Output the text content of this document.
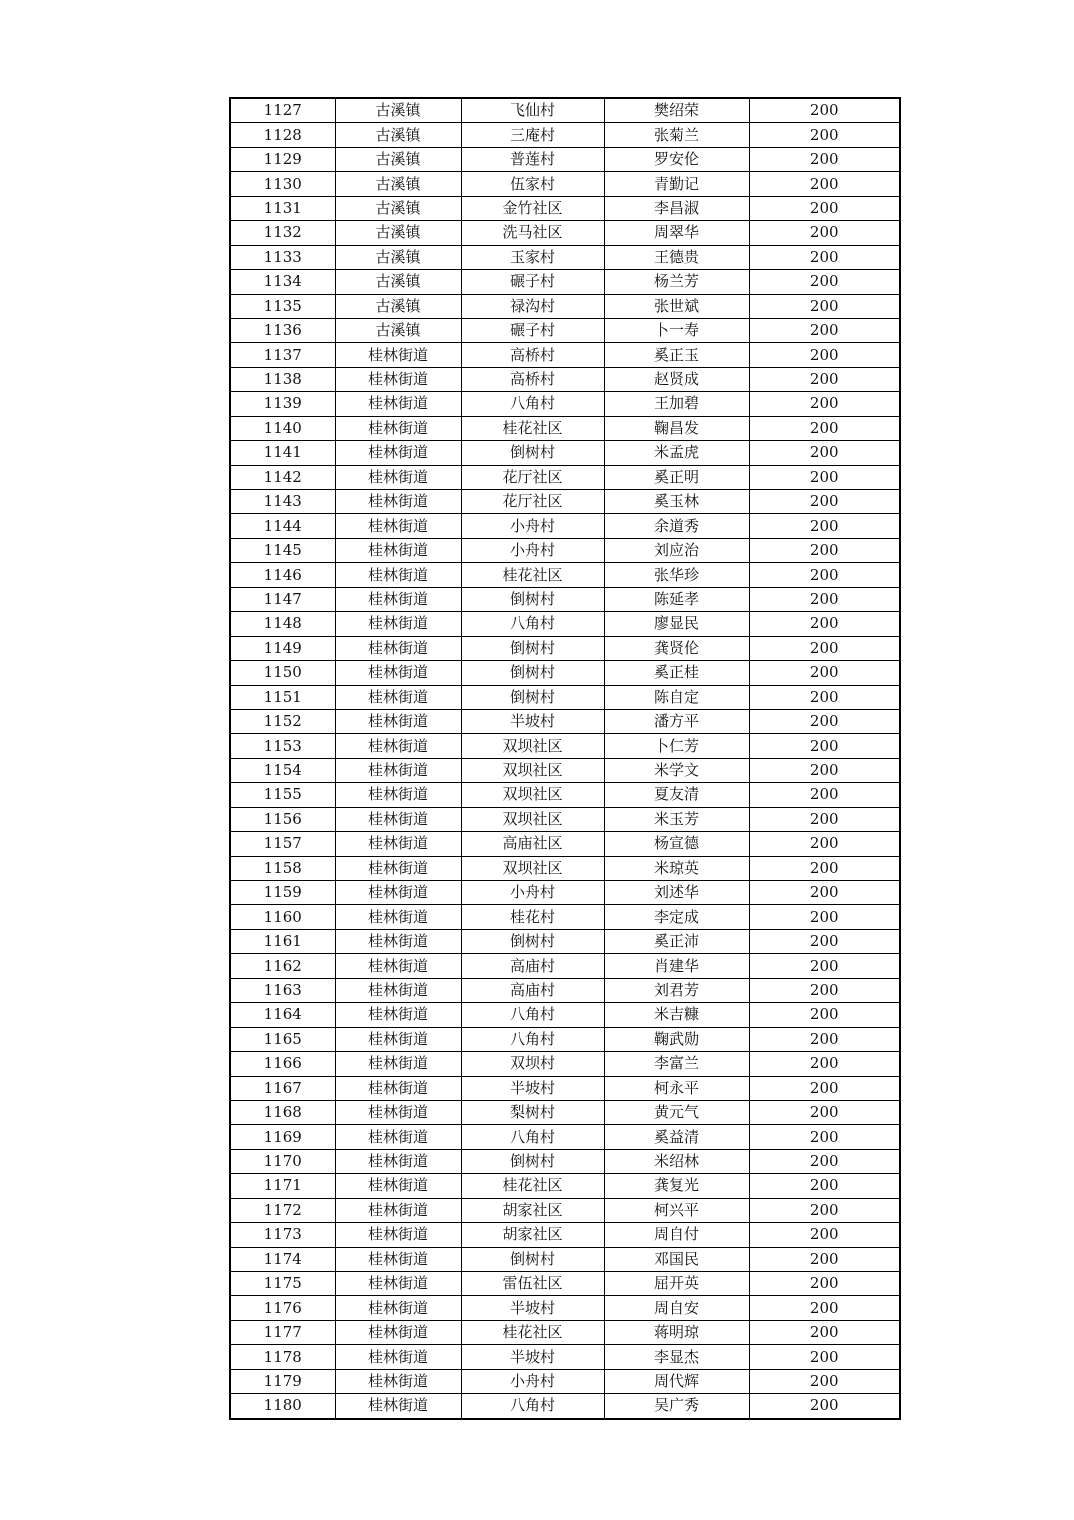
1127	古溪镇	飞仙村	樊绍荣	200
1128	古溪镇	三庵村	张菊兰	200
1129	古溪镇	普莲村	罗安伦	200
1130	古溪镇	伍家村	青勤记	200
1131	古溪镇	金竹社区	李昌淑	200
1132	古溪镇	洗马社区	周翠华	200
1133	古溪镇	玉家村	王德贵	200
1134	古溪镇	碾子村	杨兰芳	200
1135	古溪镇	禄沟村	张世斌	200
1136	古溪镇	碾子村	卜一寿	200
1137	桂林街道	高桥村	奚正玉	200
1138	桂林街道	高桥村	赵贤成	200
1139	桂林街道	八角村	王加碧	200
1140	桂林街道	桂花社区	鞠昌发	200
1141	桂林街道	倒树村	米孟虎	200
1142	桂林街道	花厅社区	奚正明	200
1143	桂林街道	花厅社区	奚玉林	200
1144	桂林街道	小舟村	余道秀	200
1145	桂林街道	小舟村	刘应治	200
1146	桂林街道	桂花社区	张华珍	200
1147	桂林街道	倒树村	陈延孝	200
1148	桂林街道	八角村	廖显民	200
1149	桂林街道	倒树村	龚贤伦	200
1150	桂林街道	倒树村	奚正桂	200
1151	桂林街道	倒树村	陈自定	200
1152	桂林街道	半坡村	潘方平	200
1153	桂林街道	双坝社区	卜仁芳	200
1154	桂林街道	双坝社区	米学文	200
1155	桂林街道	双坝社区	夏友清	200
1156	桂林街道	双坝社区	米玉芳	200
1157	桂林街道	高庙社区	杨宣德	200
1158	桂林街道	双坝社区	米琼英	200
1159	桂林街道	小舟村	刘述华	200
1160	桂林街道	桂花村	李定成	200
1161	桂林街道	倒树村	奚正沛	200
1162	桂林街道	高庙村	肖建华	200
1163	桂林街道	高庙村	刘君芳	200
1164	桂林街道	八角村	米吉糠	200
1165	桂林街道	八角村	鞠武勋	200
1166	桂林街道	双坝村	李富兰	200
1167	桂林街道	半坡村	柯永平	200
1168	桂林街道	梨树村	黄元气	200
1169	桂林街道	八角村	奚益清	200
1170	桂林街道	倒树村	米绍林	200
1171	桂林街道	桂花社区	龚复光	200
1172	桂林街道	胡家社区	柯兴平	200
1173	桂林街道	胡家社区	周自付	200
1174	桂林街道	倒树村	邓国民	200
1175	桂林街道	雷伍社区	屈开英	200
1176	桂林街道	半坡村	周自安	200
1177	桂林街道	桂花社区	蒋明琼	200
1178	桂林街道	半坡村	李显杰	200
1179	桂林街道	小舟村	周代辉	200
1180	桂林街道	八角村	吴广秀	200
